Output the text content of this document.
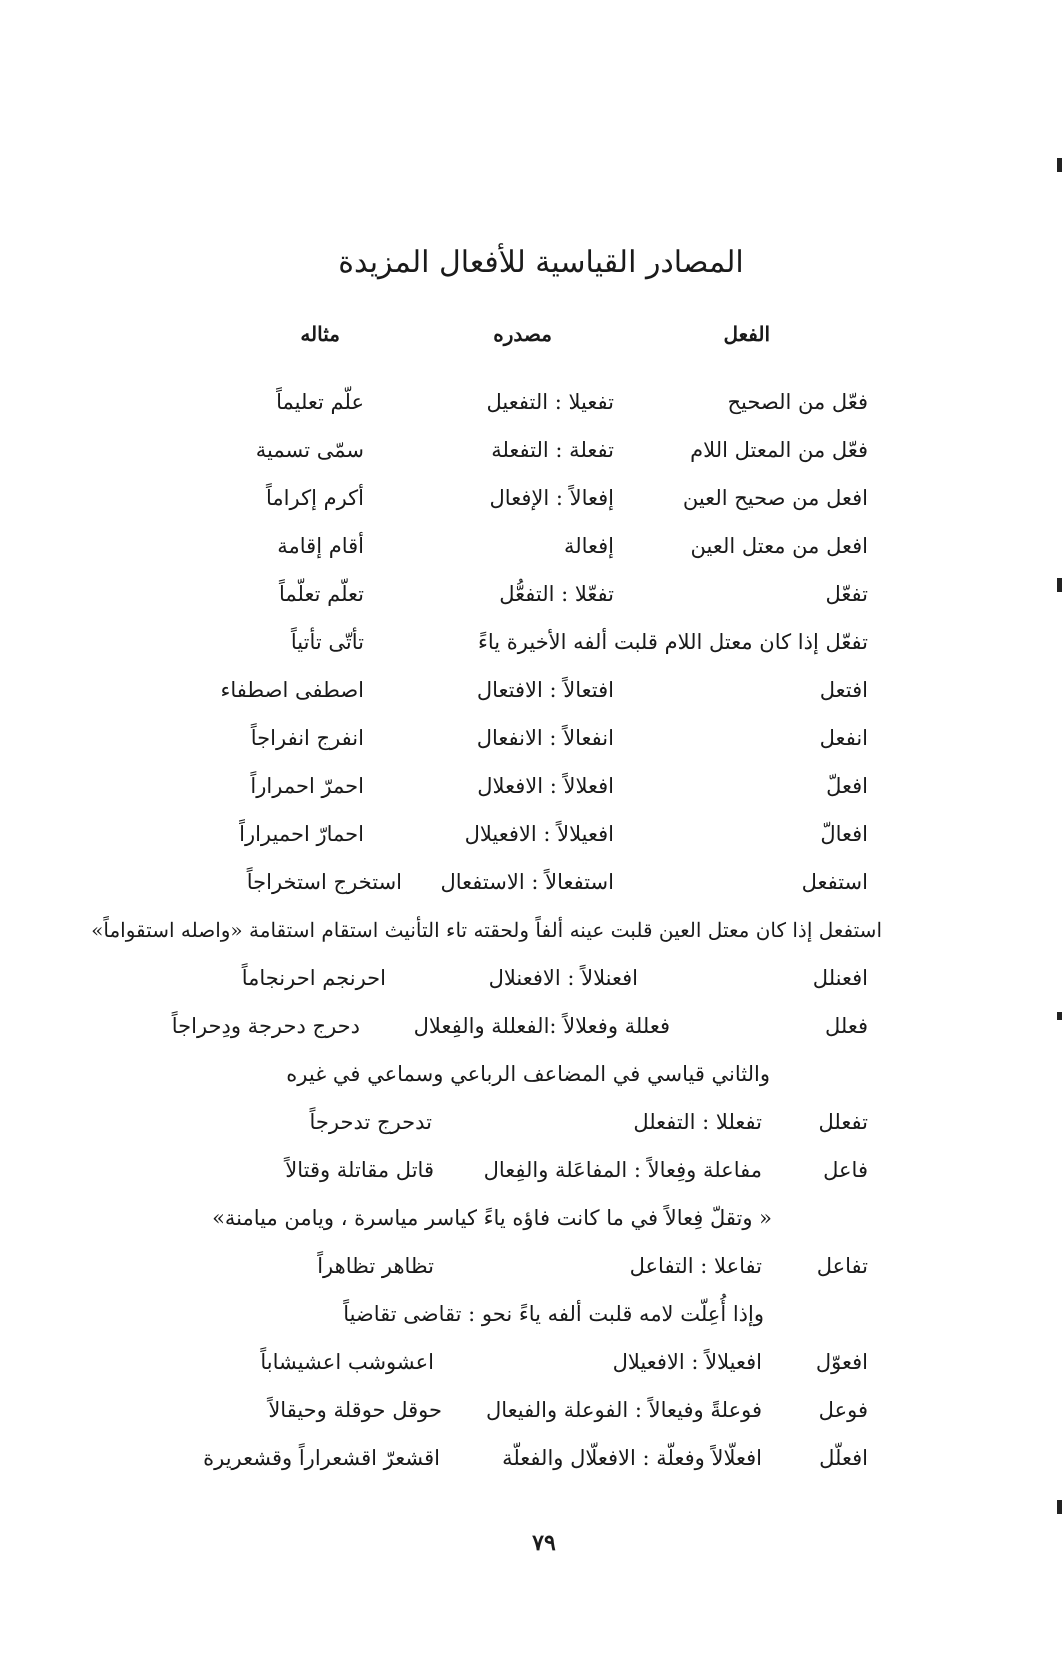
المصادر القياسية للأفعال المزيدة
الفعل
مصدره
مثاله
فعّل من الصحيح
تفعيلا : التفعيل
علّم تعليماً
فعّل من المعتل اللام
تفعلة : التفعلة
سمّى تسمية
افعل من صحيح العين
إفعالاً : الإفعال
أكرم إكراماً
افعل من معتل العين
إفعالة
أقام إقامة
تفعّل
تفعّلا : التفعُّل
تعلّم تعلّماً
تفعّل إذا كان معتل اللام قلبت ألفه الأخيرة ياءً
تأتّى تأتياً
افتعل
افتعالاً : الافتعال
اصطفى اصطفاء
انفعل
انفعالاً : الانفعال
انفرج انفراجاً
افعلّ
افعلالاً : الافعلال
احمرّ احمراراً
افعالّ
افعيلالاً : الافعيلال
احمارّ احميراراً
استفعل
استفعالاً : الاستفعال
استخرج استخراجاً
استفعل إذا كان معتل العين قلبت عينه ألفاً ولحقته تاء التأنيث استقام استقامة «واصله استقواماً»
افعنلل
افعنلالاً : الافعنلال
احرنجم احرنجاماً
فعلل
فعللة وفعلالاً :الفعللة والفِعلال
دحرج دحرجة ودِحراجاً
والثاني قياسي في المضاعف الرباعي وسماعي في غيره
تفعلل
تفعللا : التفعلل
تدحرج تدحرجاً
فاعل
مفاعلة وفِعالاً : المفاعَلة والفِعال
قاتل مقاتلة وقتالاً
« وتقلّ فِعالاً في ما كانت فاؤه ياءً كياسر مياسرة ، ويامن ميامنة»
تفاعل
تفاعلا : التفاعل
تظاهر تظاهراً
وإذا أُعِلّت لامه قلبت ألفه ياءً نحو : تقاضى تقاضياً
افعوّل
افعيلالاً : الافعيلال
اعشوشب اعشيشاباً
فوعل
فوعلةً وفيعالاً : الفوعلة والفيعال
حوقل حوقلة وحيقالاً
افعلّل
افعلّالاً وفعلّة : الافعلّال والفعلّة
اقشعرّ اقشعراراً وقشعريرة
٧٩
